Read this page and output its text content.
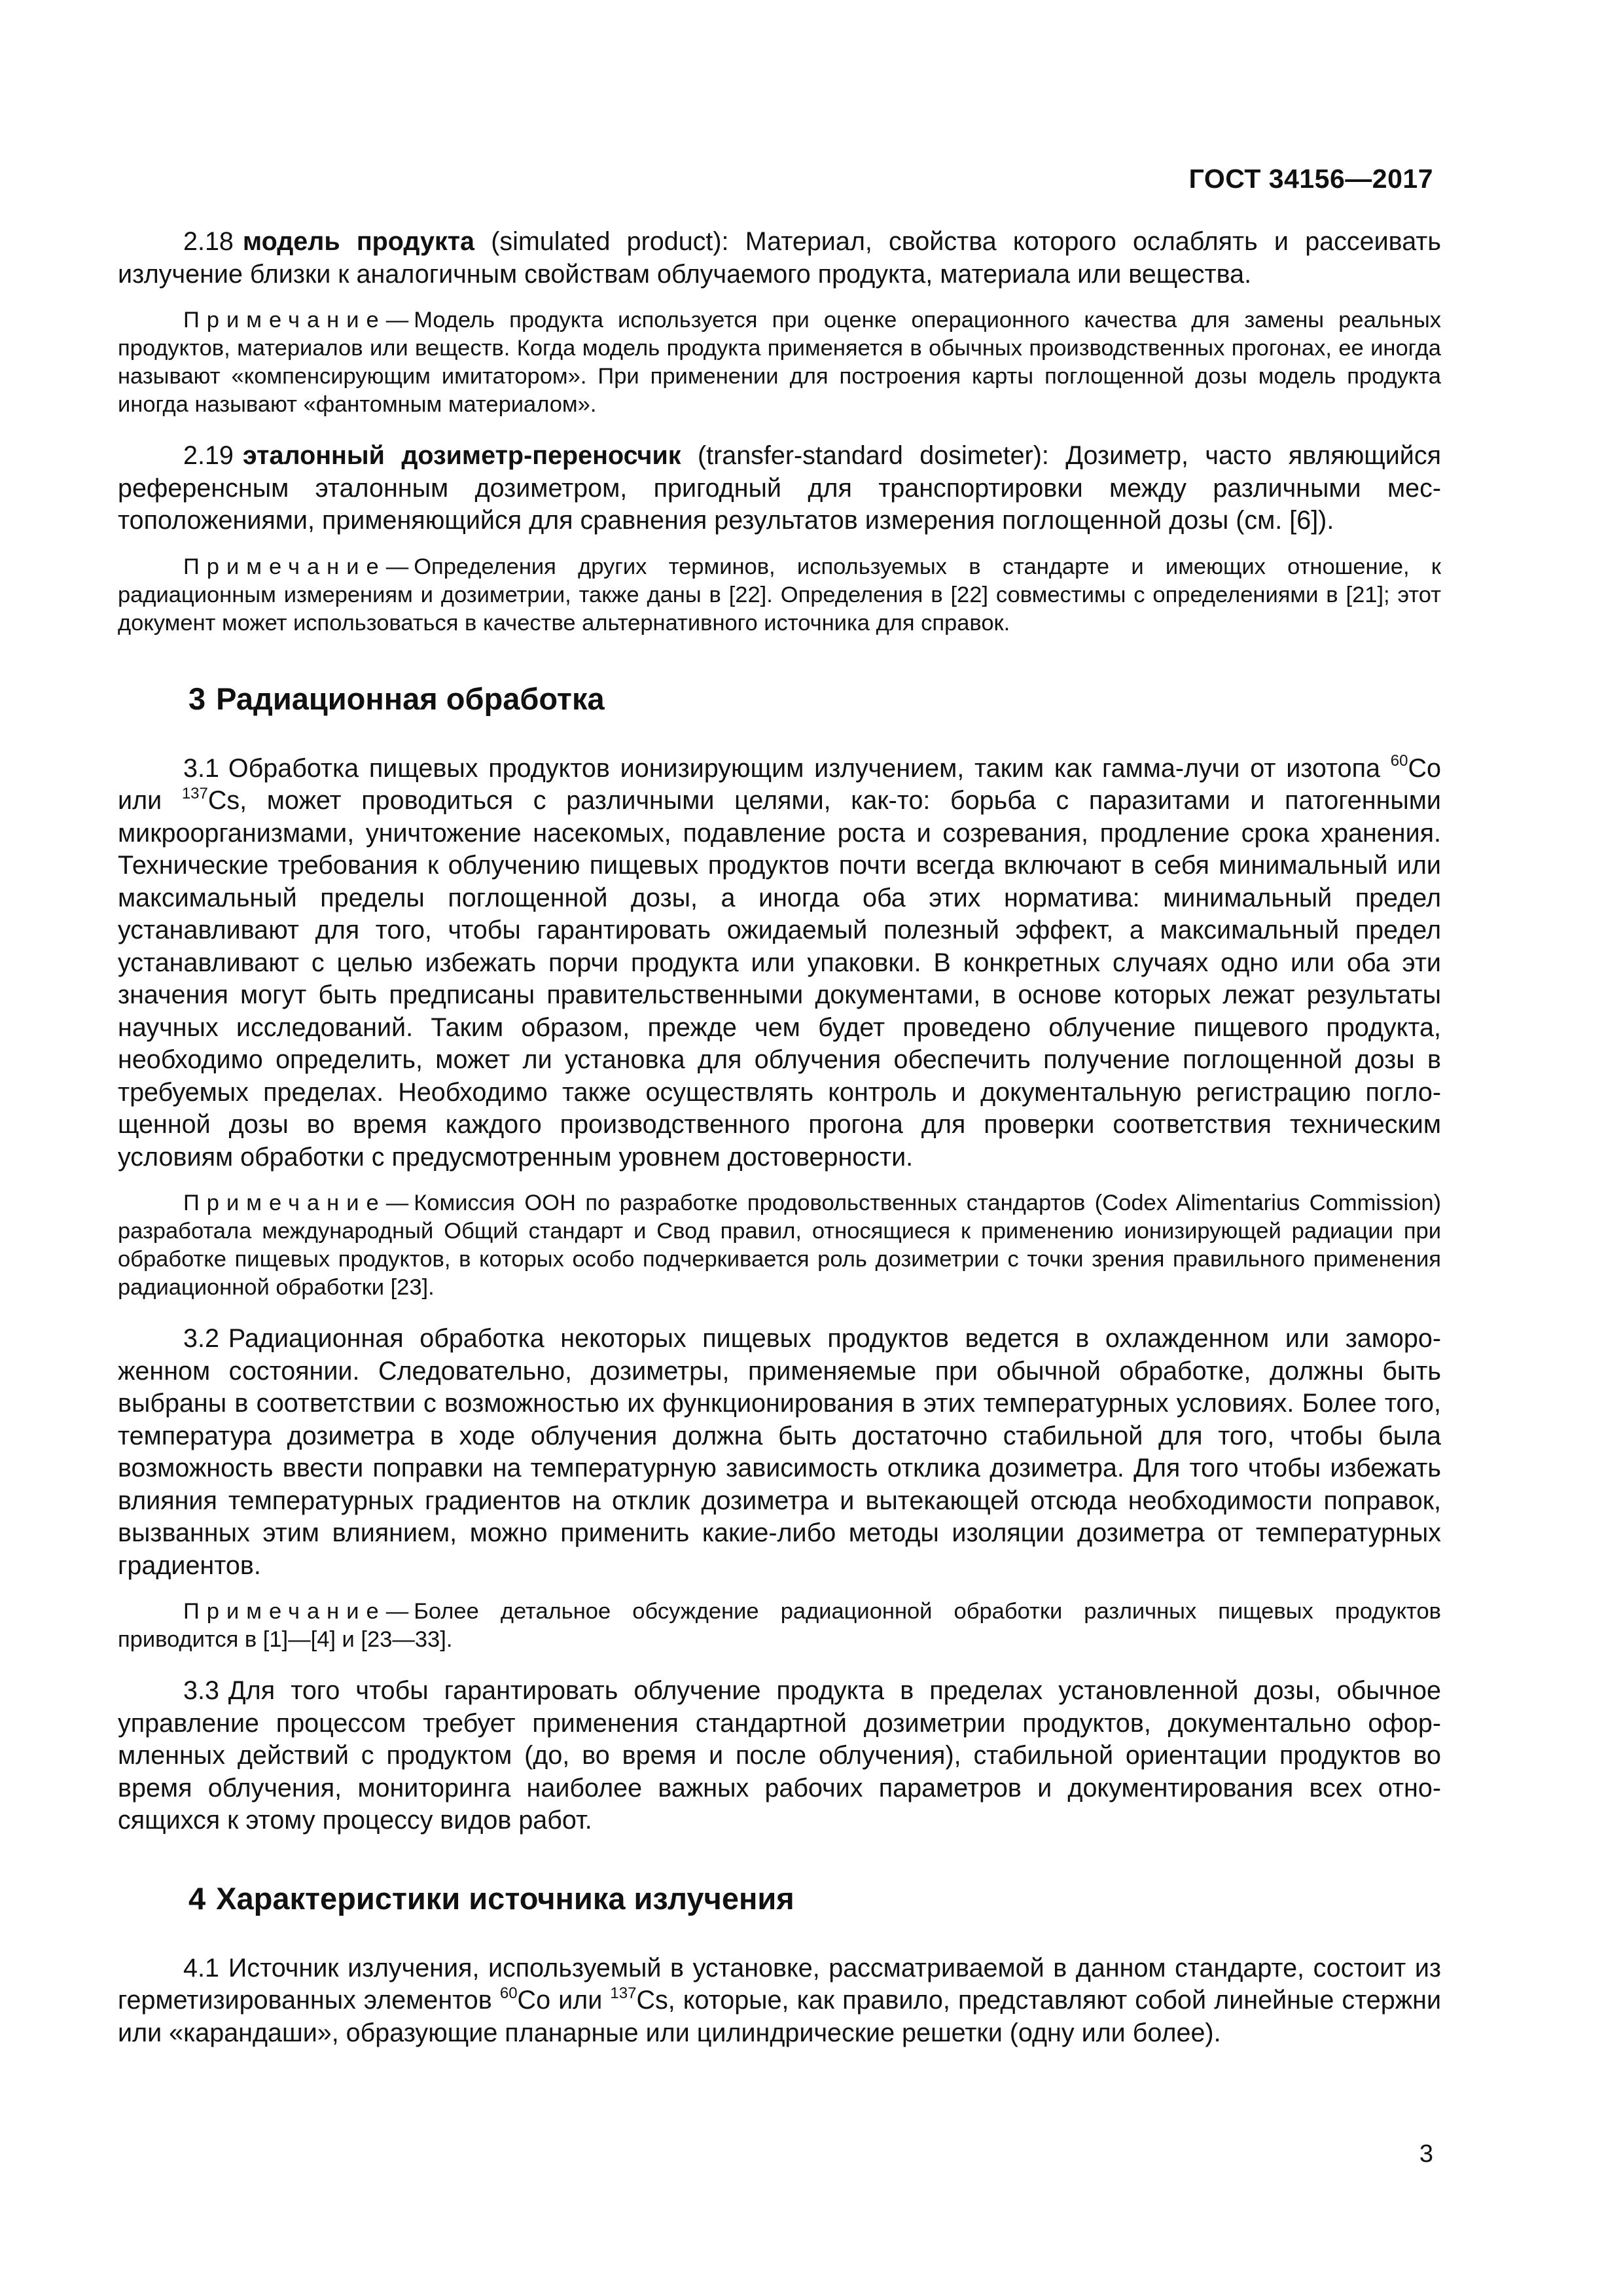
ГОСТ 34156—2017

2.18 модель продукта (simulated product): Материал, свойства которого ослаблять и рассеивать излучение близки к аналогичным свойствам облучаемого продукта, материала или вещества.

Примечание— Модель продукта используется при оценке операционного качества для замены реальных продуктов, материалов или веществ. Когда модель продукта применяется в обычных производственных прогонах, ее иногда называют «компенсирующим имитатором». При применении для построения карты поглощенной дозы модель продукта иногда называют «фантомным материалом».

2.19 эталонный дозиметр-переносчик (transfer-standard dosimeter): Дозиметр, часто являющийся референсным эталонным дозиметром, пригодный для транспортировки между различными местоположениями, применяющийся для сравнения результатов измерения поглощенной дозы (см. [6]).

Примечание— Определения других терминов, используемых в стандарте и имеющих отношение, к радиационным измерениям и дозиметрии, также даны в [22]. Определения в [22] совместимы с определениями в [21]; этот документ может использоваться в качестве альтернативного источника для справок.

3 Радиационная обработка

3.1 Обработка пищевых продуктов ионизирующим излучением, таким как гамма-лучи от изотопа $^{60}$Co или $^{137}$Cs, может проводиться с различными целями, как-то: борьба с паразитами и патогенными микроорганизмами, уничтожение насекомых, подавление роста и созревания, продление срока хранения. Технические требования к облучению пищевых продуктов почти всегда включают в себя минимальный или максимальный пределы поглощенной дозы, а иногда оба этих норматива: минимальный предел устанавливают для того, чтобы гарантировать ожидаемый полезный эффект, а максимальный предел устанавливают с целью избежать порчи продукта или упаковки. В конкретных случаях одно или оба эти значения могут быть предписаны правительственными документами, в основе которых лежат результаты научных исследований. Таким образом, прежде чем будет проведено облучение пищевого продукта, необходимо определить, может ли установка для облучения обеспечить получение поглощенной дозы в требуемых пределах. Необходимо также осуществлять контроль и документальную регистрацию поглощенной дозы во время каждого производственного прогона для проверки соответствия техническим условиям обработки с предусмотренным уровнем достоверности.

Примечание— Комиссия ООН по разработке продовольственных стандартов (Codex Alimentarius Commission) разработала международный Общий стандарт и Свод правил, относящиеся к применению ионизирующей радиации при обработке пищевых продуктов, в которых особо подчеркивается роль дозиметрии с точки зрения правильного применения радиационной обработки [23].

3.2 Радиационная обработка некоторых пищевых продуктов ведется в охлажденном или замороженном состоянии. Следовательно, дозиметры, применяемые при обычной обработке, должны быть выбраны в соответствии с возможностью их функционирования в этих температурных условиях. Более того, температура дозиметра в ходе облучения должна быть достаточно стабильной для того, чтобы была возможность ввести поправки на температурную зависимость отклика дозиметра. Для того чтобы избежать влияния температурных градиентов на отклик дозиметра и вытекающей отсюда необходимости поправок, вызванных этим влиянием, можно применить какие-либо методы изоляции дозиметра от температурных градиентов.

Примечание— Более детальное обсуждение радиационной обработки различных пищевых продуктов приводится в [1]—[4] и [23—33].

3.3 Для того чтобы гарантировать облучение продукта в пределах установленной дозы, обычное управление процессом требует применения стандартной дозиметрии продуктов, документально оформленных действий с продуктом (до, во время и после облучения), стабильной ориентации продуктов во время облучения, мониторинга наиболее важных рабочих параметров и документирования всех относящихся к этому процессу видов работ.

4 Характеристики источника излучения

4.1 Источник излучения, используемый в установке, рассматриваемой в данном стандарте, состоит из герметизированных элементов $^{60}$Co или $^{137}$Cs, которые, как правило, представляют собой линейные стержни или «карандаши», образующие планарные или цилиндрические решетки (одну или более).

3
